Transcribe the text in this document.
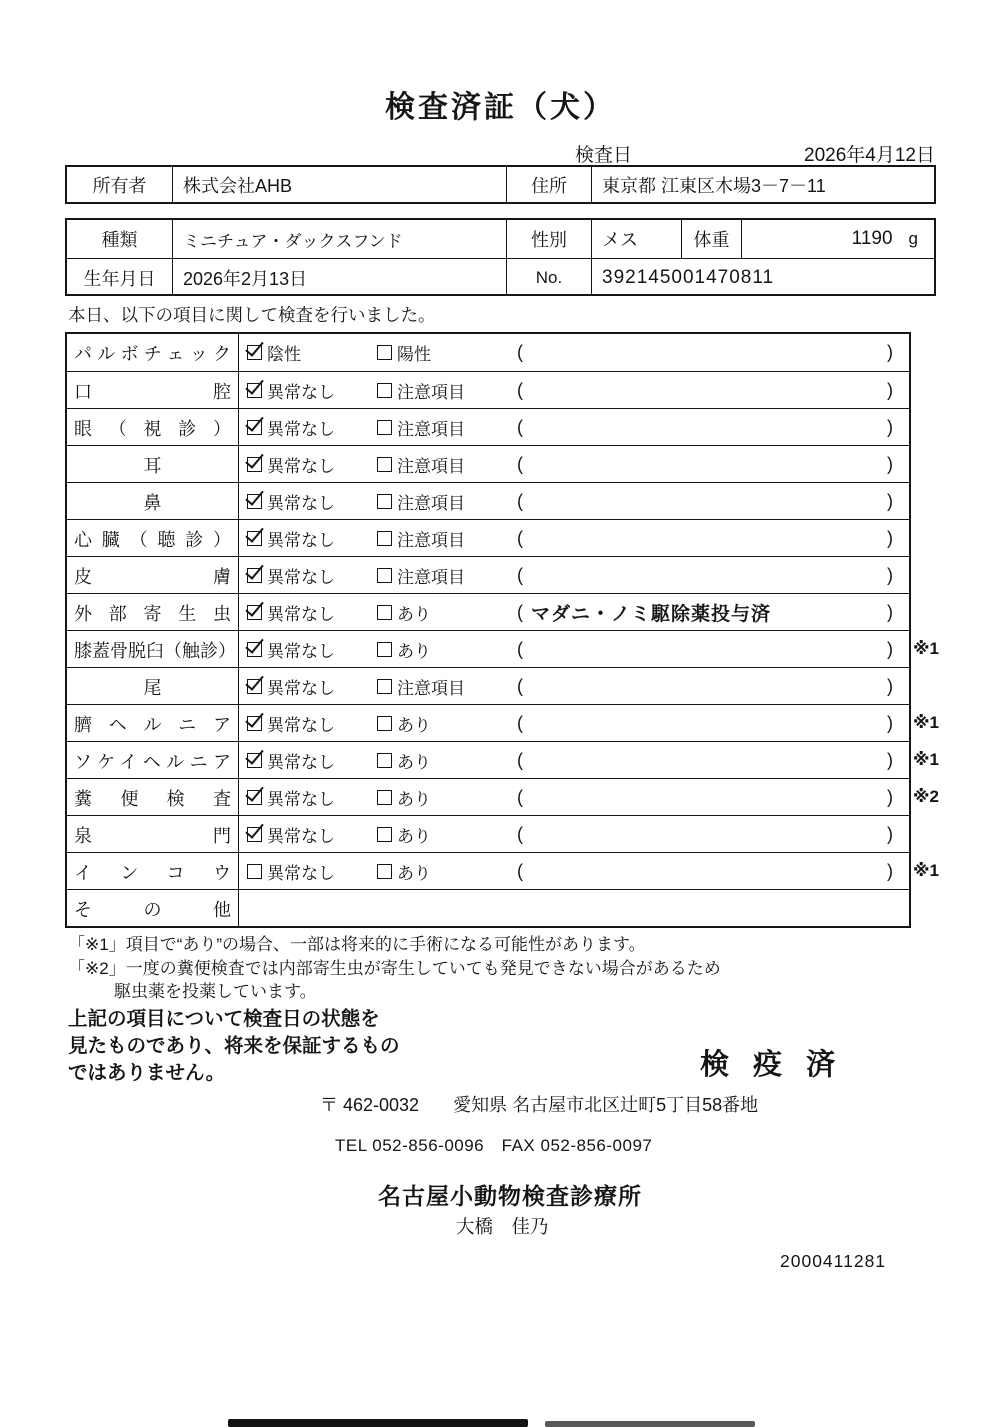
検査済証（犬）
検査日	2026年4月12日
所有者	株式会社AHB	住所	東京都 江東区木場3－7－11
種類	ミニチュア・ダックスフンド	性別	メス	体重	1190 g
生年月日	2026年2月13日	No.	392145001470811
本日、以下の項目に関して検査を行いました。
パルボチェック	陰性	陽性	(	)
口腔	異常なし	注意項目	(	)
眼（視診）	異常なし	注意項目	(	)
耳	異常なし	注意項目	(	)
鼻	異常なし	注意項目	(	)
心臓（聴診）	異常なし	注意項目	(	)
皮膚	異常なし	注意項目	(	)
外部寄生虫	異常なし	あり	( マダニ・ノミ駆除薬投与済	)
膝蓋骨脱臼（触診） 異常なし	あり	(	) ※1
尾	異常なし	注意項目	(	)
臍ヘルニア	異常なし	あり	(	) ※1
ソケイヘルニア	異常なし	あり	(	) ※1
糞便検査	異常なし	あり	(	) ※2
泉門	異常なし	あり	(	)
インコウ	異常なし	あり	(	) ※1
その他
「※1」項目で“あり”の場合、一部は将来的に手術になる可能性があります。
「※2」一度の糞便検査では内部寄生虫が寄生していても発見できない場合があるため
駆虫薬を投薬しています。
上記の項目について検査日の状態を
見たものであり、将来を保証するもの
ではありません。	検 疫 済
〒 462-0032 愛知県 名古屋市北区辻町5丁目58番地
TEL 052-856-0096　FAX 052-856-0097
名古屋小動物検査診療所
大橋　佳乃
2000411281
